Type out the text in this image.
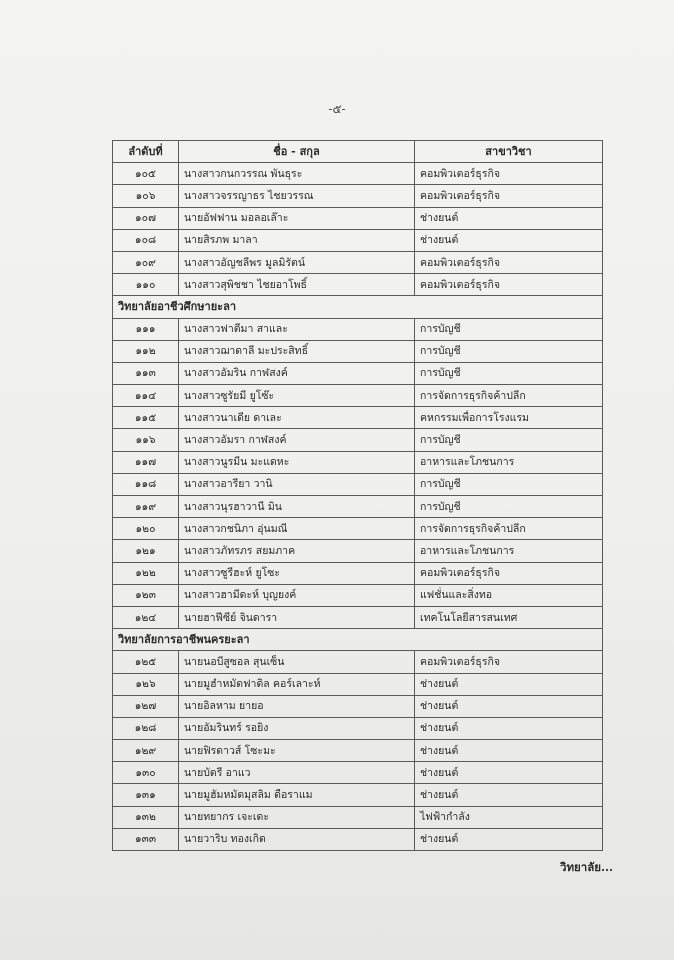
-๕-
ลำดับที่	ชื่อ - สกุล	สาขาวิชา
๑๐๕	นางสาวกนกวรรณ พันธุระ	คอมพิวเตอร์ธุรกิจ
๑๐๖	นางสาวจรรญาธร ไชยวรรณ	คอมพิวเตอร์ธุรกิจ
๑๐๗	นายอัฟฟาน มอลอเล๊าะ	ช่างยนต์
๑๐๘	นายสิรภพ มาลา	ช่างยนต์
๑๐๙	นางสาวอัญชลีพร มูลมิรัตน์	คอมพิวเตอร์ธุรกิจ
๑๑๐	นางสาวสุพิชชา ไชยอาโพธิ์	คอมพิวเตอร์ธุรกิจ
วิทยาลัยอาชีวศึกษายะลา		
๑๑๑	นางสาวฟาตีมา สาและ	การบัญชี
๑๑๒	นางสาวฌาดาลี มะประสิทธิ์	การบัญชี
๑๑๓	นางสาวอัมริน กาฬสงค์	การบัญชี
๑๑๔	นางสาวซูรัยมี ยูโซ๊ะ	การจัดการธุรกิจค้าปลีก
๑๑๕	นางสาวนาเดีย ดาเละ	คหกรรมเพื่อการโรงแรม
๑๑๖	นางสาวอัมรา กาฬสงค์	การบัญชี
๑๑๗	นางสาวนูรมีน มะแดหะ	อาหารและโภชนการ
๑๑๘	นางสาวอารียา วานิ	การบัญชี
๑๑๙	นางสาวนุรฮาวานี มิน	การบัญชี
๑๒๐	นางสาวกชนิภา อุ่นมณี	การจัดการธุรกิจค้าปลีก
๑๒๑	นางสาวภัทรภร สยมภาค	อาหารและโภชนการ
๑๒๒	นางสาวซูรีฮะห์ ยูโซะ	คอมพิวเตอร์ธุรกิจ
๑๒๓	นางสาวฮามีดะห์ บุญยงค์	แฟชั่นและสิ่งทอ
๑๒๔	นายฮาฟีซีย์ จินดารา	เทคโนโลยีสารสนเทศ
วิทยาลัยการอาชีพนครยะลา		
๑๒๕	นายนอบีสูซอล สุนเซ็น	คอมพิวเตอร์ธุรกิจ
๑๒๖	นายมูฮำหมัดฟาดิล คอร์เลาะห์	ช่างยนต์
๑๒๗	นายอิลหาม ยายอ	ช่างยนต์
๑๒๘	นายอัมรินทร์ รอยิง	ช่างยนต์
๑๒๙	นายฟิรดาวส์ โซะมะ	ช่างยนต์
๑๓๐	นายบัดรี อาแว	ช่างยนต์
๑๓๑	นายมูฮัมหมัดมุสลิม ดือราแม	ช่างยนต์
๑๓๒	นายทยากร เจะเดะ	ไฟฟ้ากำลัง
๑๓๓	นายวาริบ ทองเกิด	ช่างยนต์
วิทยาลัย...
